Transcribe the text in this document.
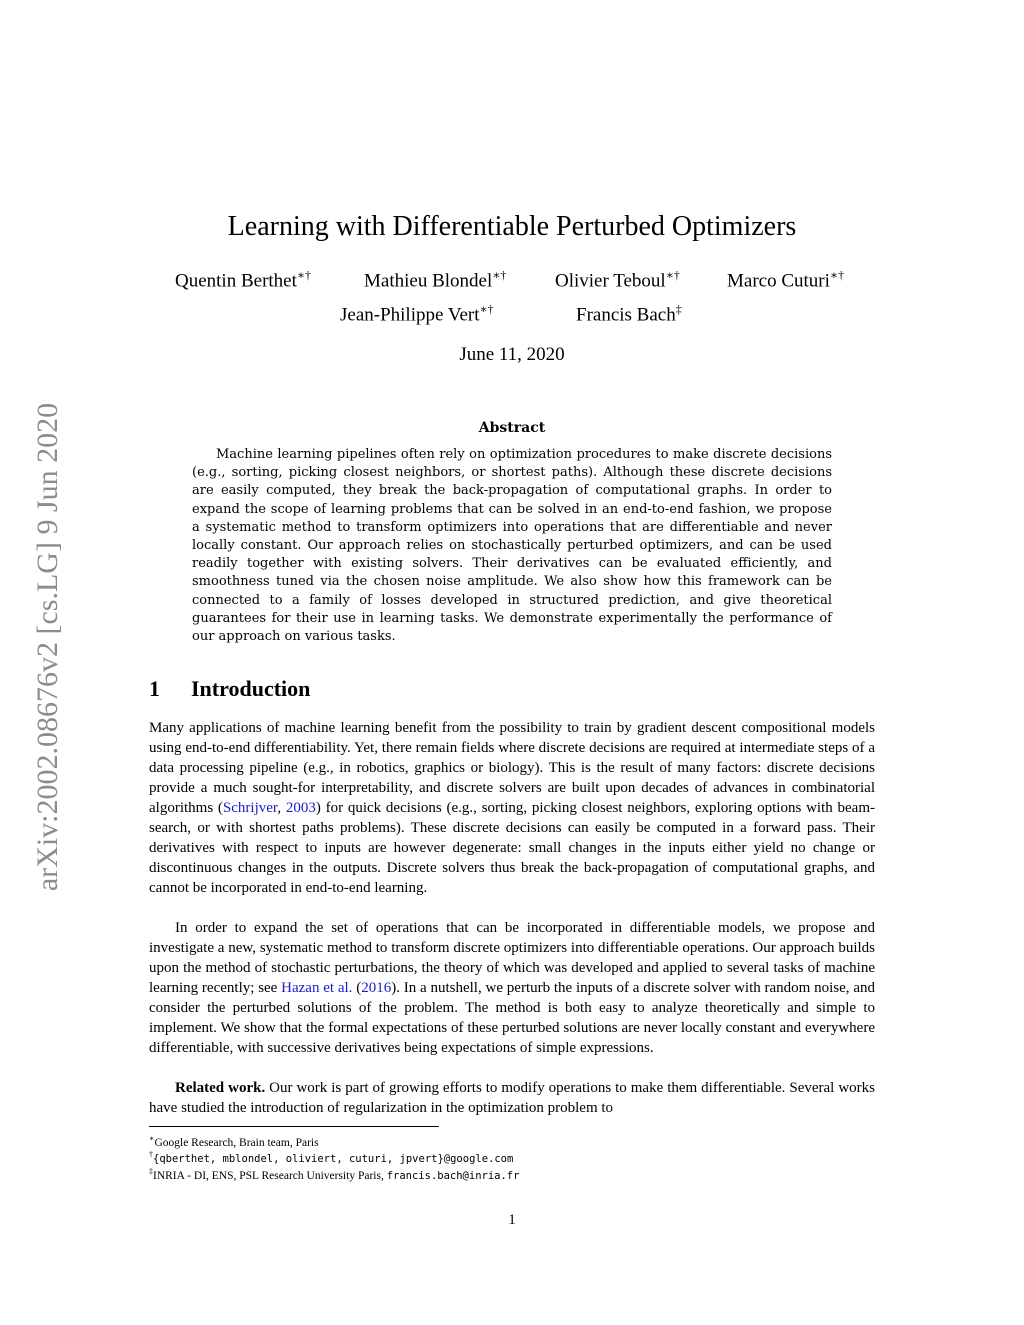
arXiv:2002.08676v2 [cs.LG] 9 Jun 2020
Learning with Differentiable Perturbed Optimizers
Quentin Berthet∗†	Mathieu Blondel∗†	Olivier Teboul∗† Marco Cuturi∗†
Jean-Philippe Vert∗†	Francis Bach‡
June 11, 2020
Abstract

Machine learning pipelines often rely on optimization procedures to make discrete decisions (e.g., sorting, picking closest neighbors, or shortest paths). Although these discrete decisions are easily computed, they break the back-propagation of computational graphs. In order to expand the scope of learning problems that can be solved in an end-to-end fashion, we propose a systematic method to transform optimizers into operations that are differentiable and never locally constant. Our approach relies on stochastically perturbed optimizers, and can be used readily together with existing solvers. Their derivatives can be evaluated efficiently, and smoothness tuned via the chosen noise amplitude. We also show how this framework can be connected to a family of losses developed in structured prediction, and give theoretical guarantees for their use in learning tasks. We demonstrate experimentally the performance of our approach on various tasks.

1 Introduction

Many applications of machine learning benefit from the possibility to train by gradient descent compositional models using end-to-end differentiability. Yet, there remain fields where discrete decisions are required at intermediate steps of a data processing pipeline (e.g., in robotics, graphics or biology). This is the result of many factors: discrete decisions provide a much sought-for interpretability, and discrete solvers are built upon decades of advances in combinatorial algorithms (Schrijver, 2003) for quick decisions (e.g., sorting, picking closest neighbors, exploring options with beam-search, or with shortest paths problems). These discrete decisions can easily be computed in a forward pass. Their derivatives with respect to inputs are however degenerate: small changes in the inputs either yield no change or discontinuous changes in the outputs. Discrete solvers thus break the back-propagation of computational graphs, and cannot be incorporated in end-to-end learning.

In order to expand the set of operations that can be incorporated in differentiable models, we propose and investigate a new, systematic method to transform discrete optimizers into differentiable operations. Our approach builds upon the method of stochastic perturbations, the theory of which was developed and applied to several tasks of machine learning recently; see Hazan et al. (2016). In a nutshell, we perturb the inputs of a discrete solver with random noise, and consider the perturbed solutions of the problem. The method is both easy to analyze theoretically and simple to implement. We show that the formal expectations of these perturbed solutions are never locally constant and everywhere differentiable, with successive derivatives being expectations of simple expressions.

Related work. Our work is part of growing efforts to modify operations to make them differentiable. Several works have studied the introduction of regularization in the optimization problem to

∗Google Research, Brain team, Paris
†{qberthet, mblondel, oliviert, cuturi, jpvert}@google.com
‡INRIA - DI, ENS, PSL Research University Paris, francis.bach@inria.fr
1
